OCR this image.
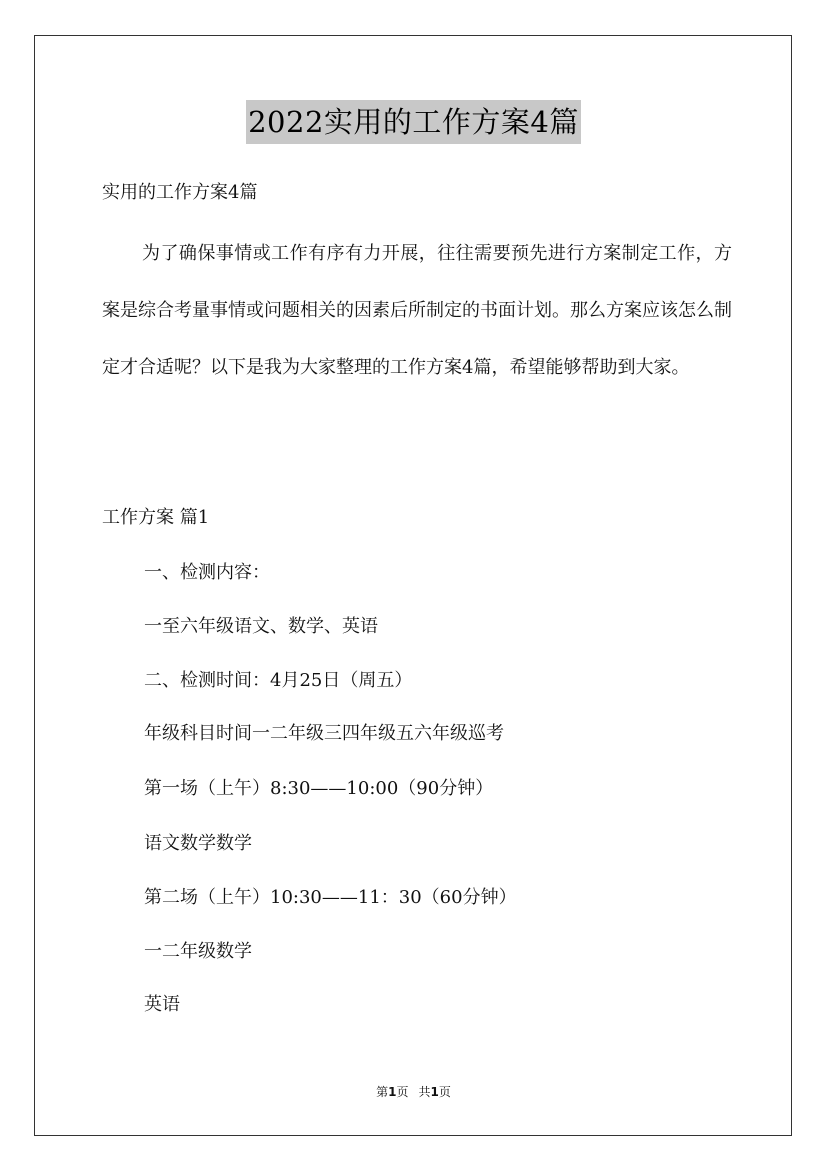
2022实用的工作方案4篇
实用的工作方案4篇

为了确保事情或工作有序有力开展，往往需要预先进行方案制定工作，方案是综合考量事情或问题相关的因素后所制定的书面计划。那么方案应该怎么制定才合适呢？以下是我为大家整理的工作方案4篇，希望能够帮助到大家。

工作方案 篇1
一、检测内容：
一至六年级语文、数学、英语
二、检测时间：4月25日（周五）
年级科目时间一二年级三四年级五六年级巡考
第一场（上午）8:30——10:00（90分钟）
语文数学数学
第二场（上午）10:30——11：30（60分钟）
一二年级数学
英语
第1页 共1页
